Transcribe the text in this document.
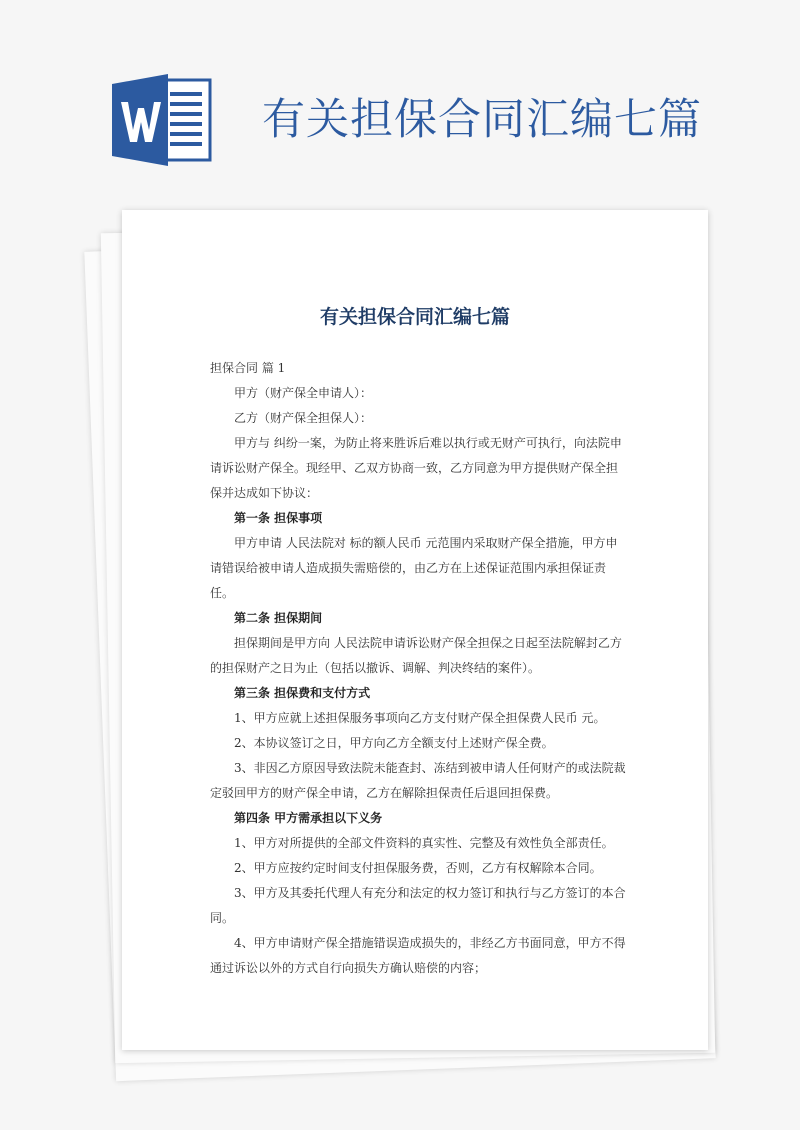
有关担保合同汇编七篇
有关担保合同汇编七篇

担保合同 篇 1

甲方（财产保全申请人）：

乙方（财产保全担保人）：

甲方与 纠纷一案，为防止将来胜诉后难以执行或无财产可执行，向法院申请诉讼财产保全。现经甲、乙双方协商一致，乙方同意为甲方提供财产保全担保并达成如下协议：

第一条 担保事项

甲方申请 人民法院对 标的额人民币 元范围内采取财产保全措施，甲方申请错误给被申请人造成损失需赔偿的，由乙方在上述保证范围内承担保证责任。

第二条 担保期间

担保期间是甲方向 人民法院申请诉讼财产保全担保之日起至法院解封乙方的担保财产之日为止（包括以撤诉、调解、判决终结的案件）。

第三条 担保费和支付方式

1、甲方应就上述担保服务事项向乙方支付财产保全担保费人民币 元。

2、本协议签订之日，甲方向乙方全额支付上述财产保全费。

3、非因乙方原因导致法院未能查封、冻结到被申请人任何财产的或法院裁定驳回甲方的财产保全申请，乙方在解除担保责任后退回担保费。

第四条 甲方需承担以下义务

1、甲方对所提供的全部文件资料的真实性、完整及有效性负全部责任。

2、甲方应按约定时间支付担保服务费，否则，乙方有权解除本合同。

3、甲方及其委托代理人有充分和法定的权力签订和执行与乙方签订的本合同。

4、甲方申请财产保全措施错误造成损失的，非经乙方书面同意，甲方不得通过诉讼以外的方式自行向损失方确认赔偿的内容；
